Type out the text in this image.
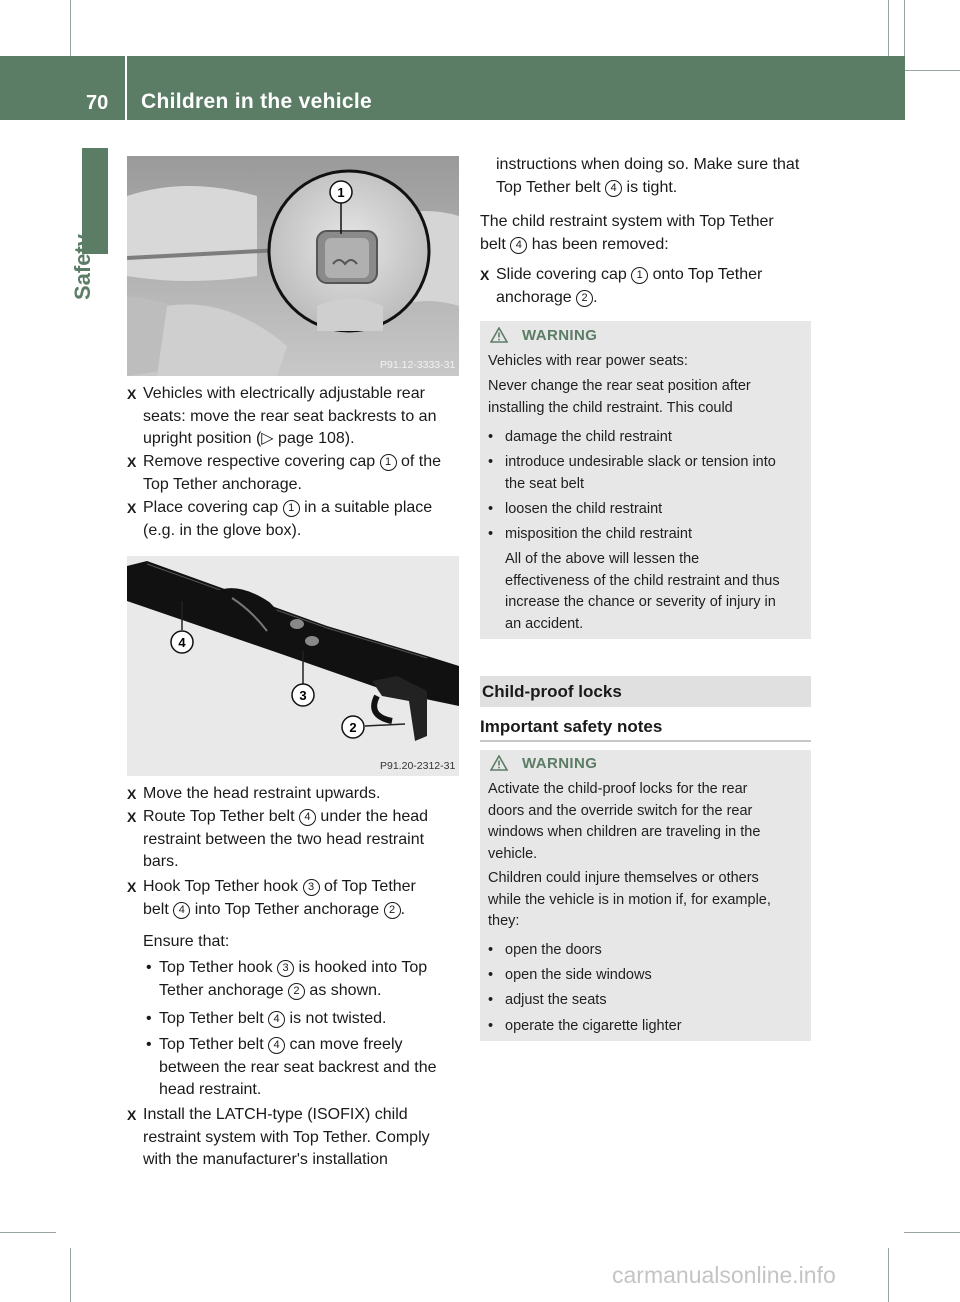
70 Children in the vehicle
Safety
1
P91.12-3333-31
X Vehicles with electrically adjustable rear
seats: move the rear seat backrests to an
upright position (▷ page 108).
X Remove respective covering cap 1 of the
Top Tether anchorage.
X Place covering cap 1 in a suitable place
(e.g. in the glove box).
4
3
2
P91.20-2312-31
X Move the head restraint upwards.
X Route Top Tether belt 4 under the head
restraint between the two head restraint
bars.
X Hook Top Tether hook 3 of Top Tether
belt 4 into Top Tether anchorage 2 .
Ensure that:
• Top Tether hook 3 is hooked into Top
Tether anchorage 2 as shown.
• Top Tether belt 4 is not twisted.
• Top Tether belt 4 can move freely
between the rear seat backrest and the
head restraint.
X Install the LATCH-type (ISOFIX) child
restraint system with Top Tether. Comply
with the manufacturer's installation
instructions when doing so. Make sure that
Top Tether belt 4 is tight.
The child restraint system with Top Tether
belt 4 has been removed:
X Slide covering cap 1 onto Top Tether
anchorage 2 .
WARNING
Vehicles with rear power seats:
Never change the rear seat position after
installing the child restraint. This could
• damage the child restraint
• introduce undesirable slack or tension into
the seat belt
• loosen the child restraint
• misposition the child restraint
All of the above will lessen the
effectiveness of the child restraint and thus
increase the chance or severity of injury in
an accident.
Child-proof locks
Important safety notes
WARNING
Activate the child-proof locks for the rear
doors and the override switch for the rear
windows when children are traveling in the
vehicle.
Children could injure themselves or others
while the vehicle is in motion if, for example,
they:
• open the doors
• open the side windows
• adjust the seats
• operate the cigarette lighter
carmanualsonline.info
